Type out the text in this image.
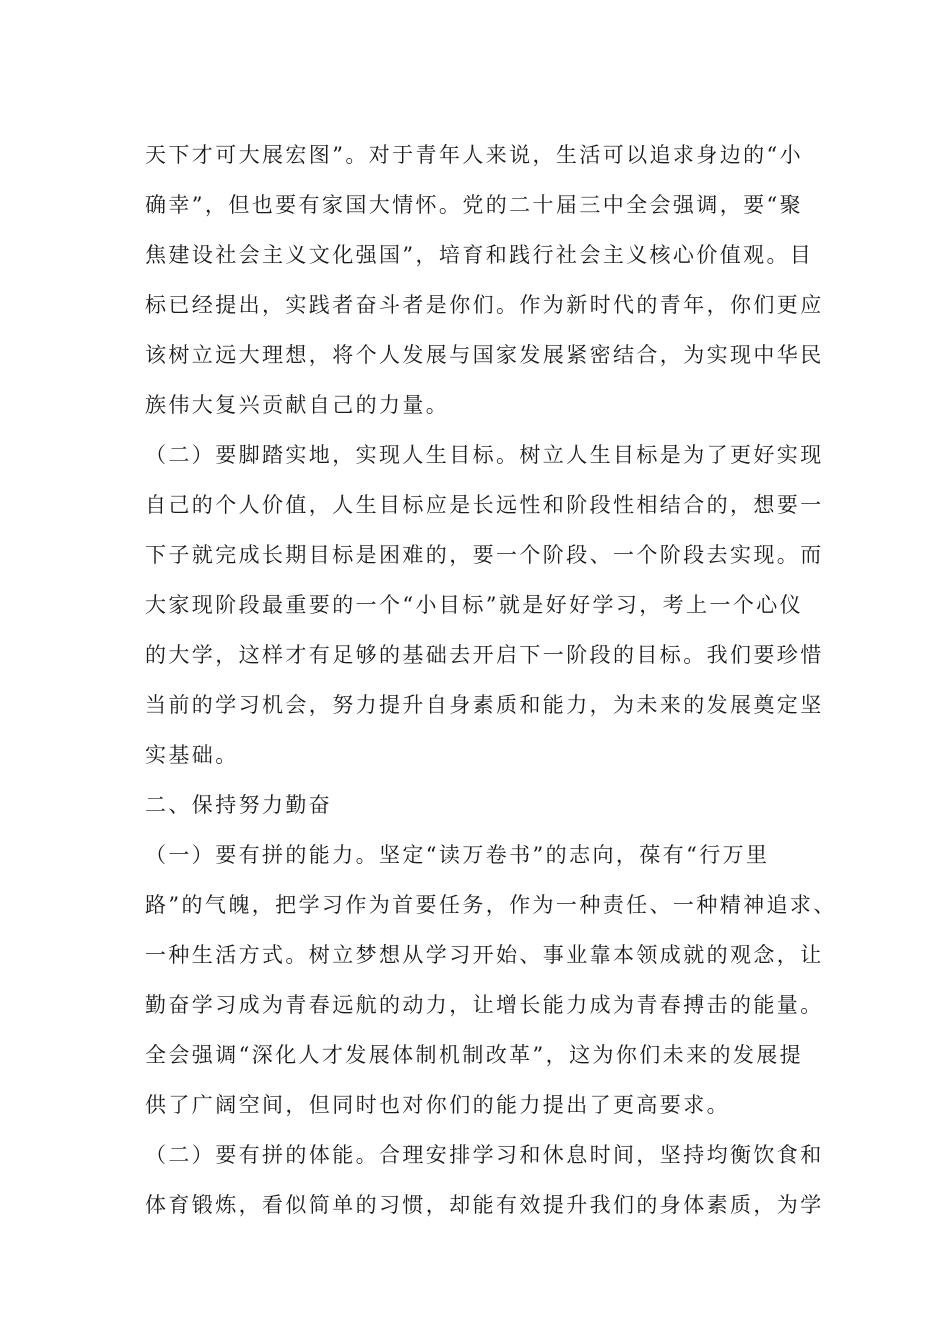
天下才可大展宏图”。对于青年人来说，生活可以追求身边的“小
确幸”，但也要有家国大情怀。党的二十届三中全会强调，要“聚
焦建设社会主义文化强国”，培育和践行社会主义核心价值观。目
标已经提出，实践者奋斗者是你们。作为新时代的青年，你们更应
该树立远大理想，将个人发展与国家发展紧密结合，为实现中华民
族伟大复兴贡献自己的力量。
（二）要脚踏实地，实现人生目标。树立人生目标是为了更好实现
自己的个人价值，人生目标应是长远性和阶段性相结合的，想要一
下子就完成长期目标是困难的，要一个阶段、一个阶段去实现。而
大家现阶段最重要的一个“小目标”就是好好学习，考上一个心仪
的大学，这样才有足够的基础去开启下一阶段的目标。我们要珍惜
当前的学习机会，努力提升自身素质和能力，为未来的发展奠定坚
实基础。
二、保持努力勤奋
（一）要有拼的能力。坚定“读万卷书”的志向，葆有“行万里
路”的气魄，把学习作为首要任务，作为一种责任、一种精神追求、
一种生活方式。树立梦想从学习开始、事业靠本领成就的观念，让
勤奋学习成为青春远航的动力，让增长能力成为青春搏击的能量。
全会强调“深化人才发展体制机制改革”，这为你们未来的发展提
供了广阔空间，但同时也对你们的能力提出了更高要求。
（二）要有拼的体能。合理安排学习和休息时间，坚持均衡饮食和
体育锻炼，看似简单的习惯，却能有效提升我们的身体素质，为学
